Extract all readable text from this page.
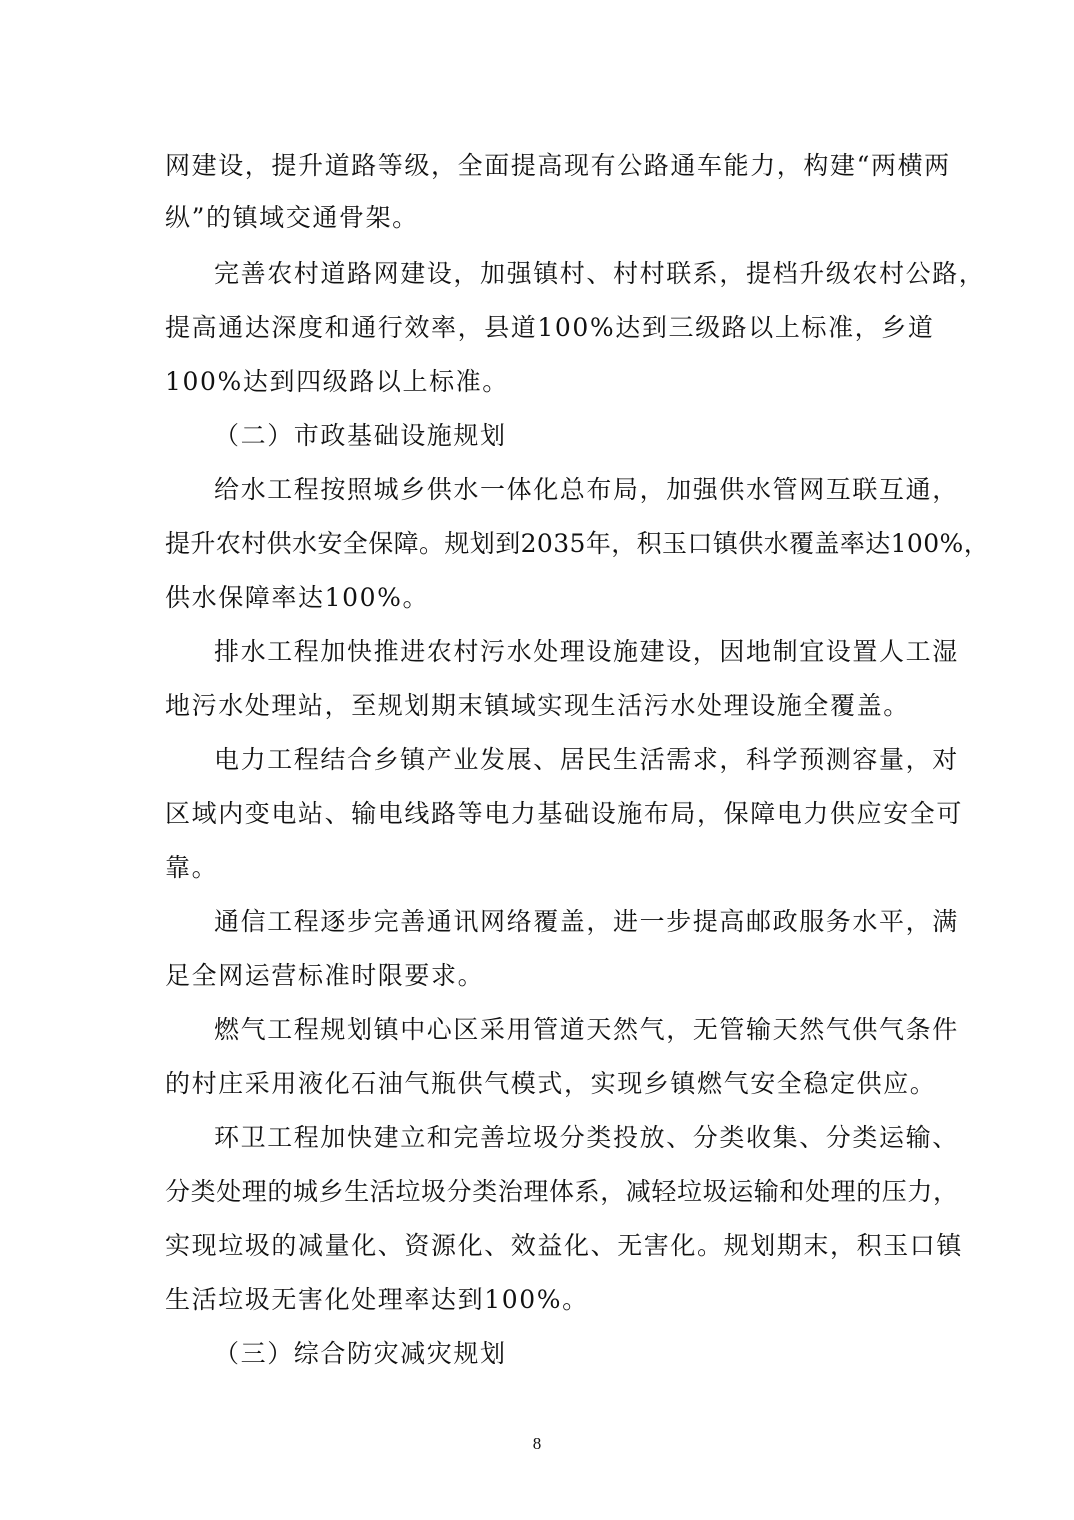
网建设，提升道路等级，全面提高现有公路通车能力，构建“两横两
纵”的镇域交通骨架。
完善农村道路网建设，加强镇村、村村联系，提档升级农村公路，
提高通达深度和通行效率，县道100%达到三级路以上标准，乡道
100%达到四级路以上标准。
（二）市政基础设施规划
给水工程按照城乡供水一体化总布局，加强供水管网互联互通，
提升农村供水安全保障。规划到2035年，积玉口镇供水覆盖率达100%，
供水保障率达100%。
排水工程加快推进农村污水处理设施建设，因地制宜设置人工湿
地污水处理站，至规划期末镇域实现生活污水处理设施全覆盖。
电力工程结合乡镇产业发展、居民生活需求，科学预测容量，对
区域内变电站、输电线路等电力基础设施布局，保障电力供应安全可
靠。
通信工程逐步完善通讯网络覆盖，进一步提高邮政服务水平，满
足全网运营标准时限要求。
燃气工程规划镇中心区采用管道天然气，无管输天然气供气条件
的村庄采用液化石油气瓶供气模式，实现乡镇燃气安全稳定供应。
环卫工程加快建立和完善垃圾分类投放、分类收集、分类运输、
分类处理的城乡生活垃圾分类治理体系，减轻垃圾运输和处理的压力，
实现垃圾的减量化、资源化、效益化、无害化。规划期末，积玉口镇
生活垃圾无害化处理率达到100%。
（三）综合防灾减灾规划
8
